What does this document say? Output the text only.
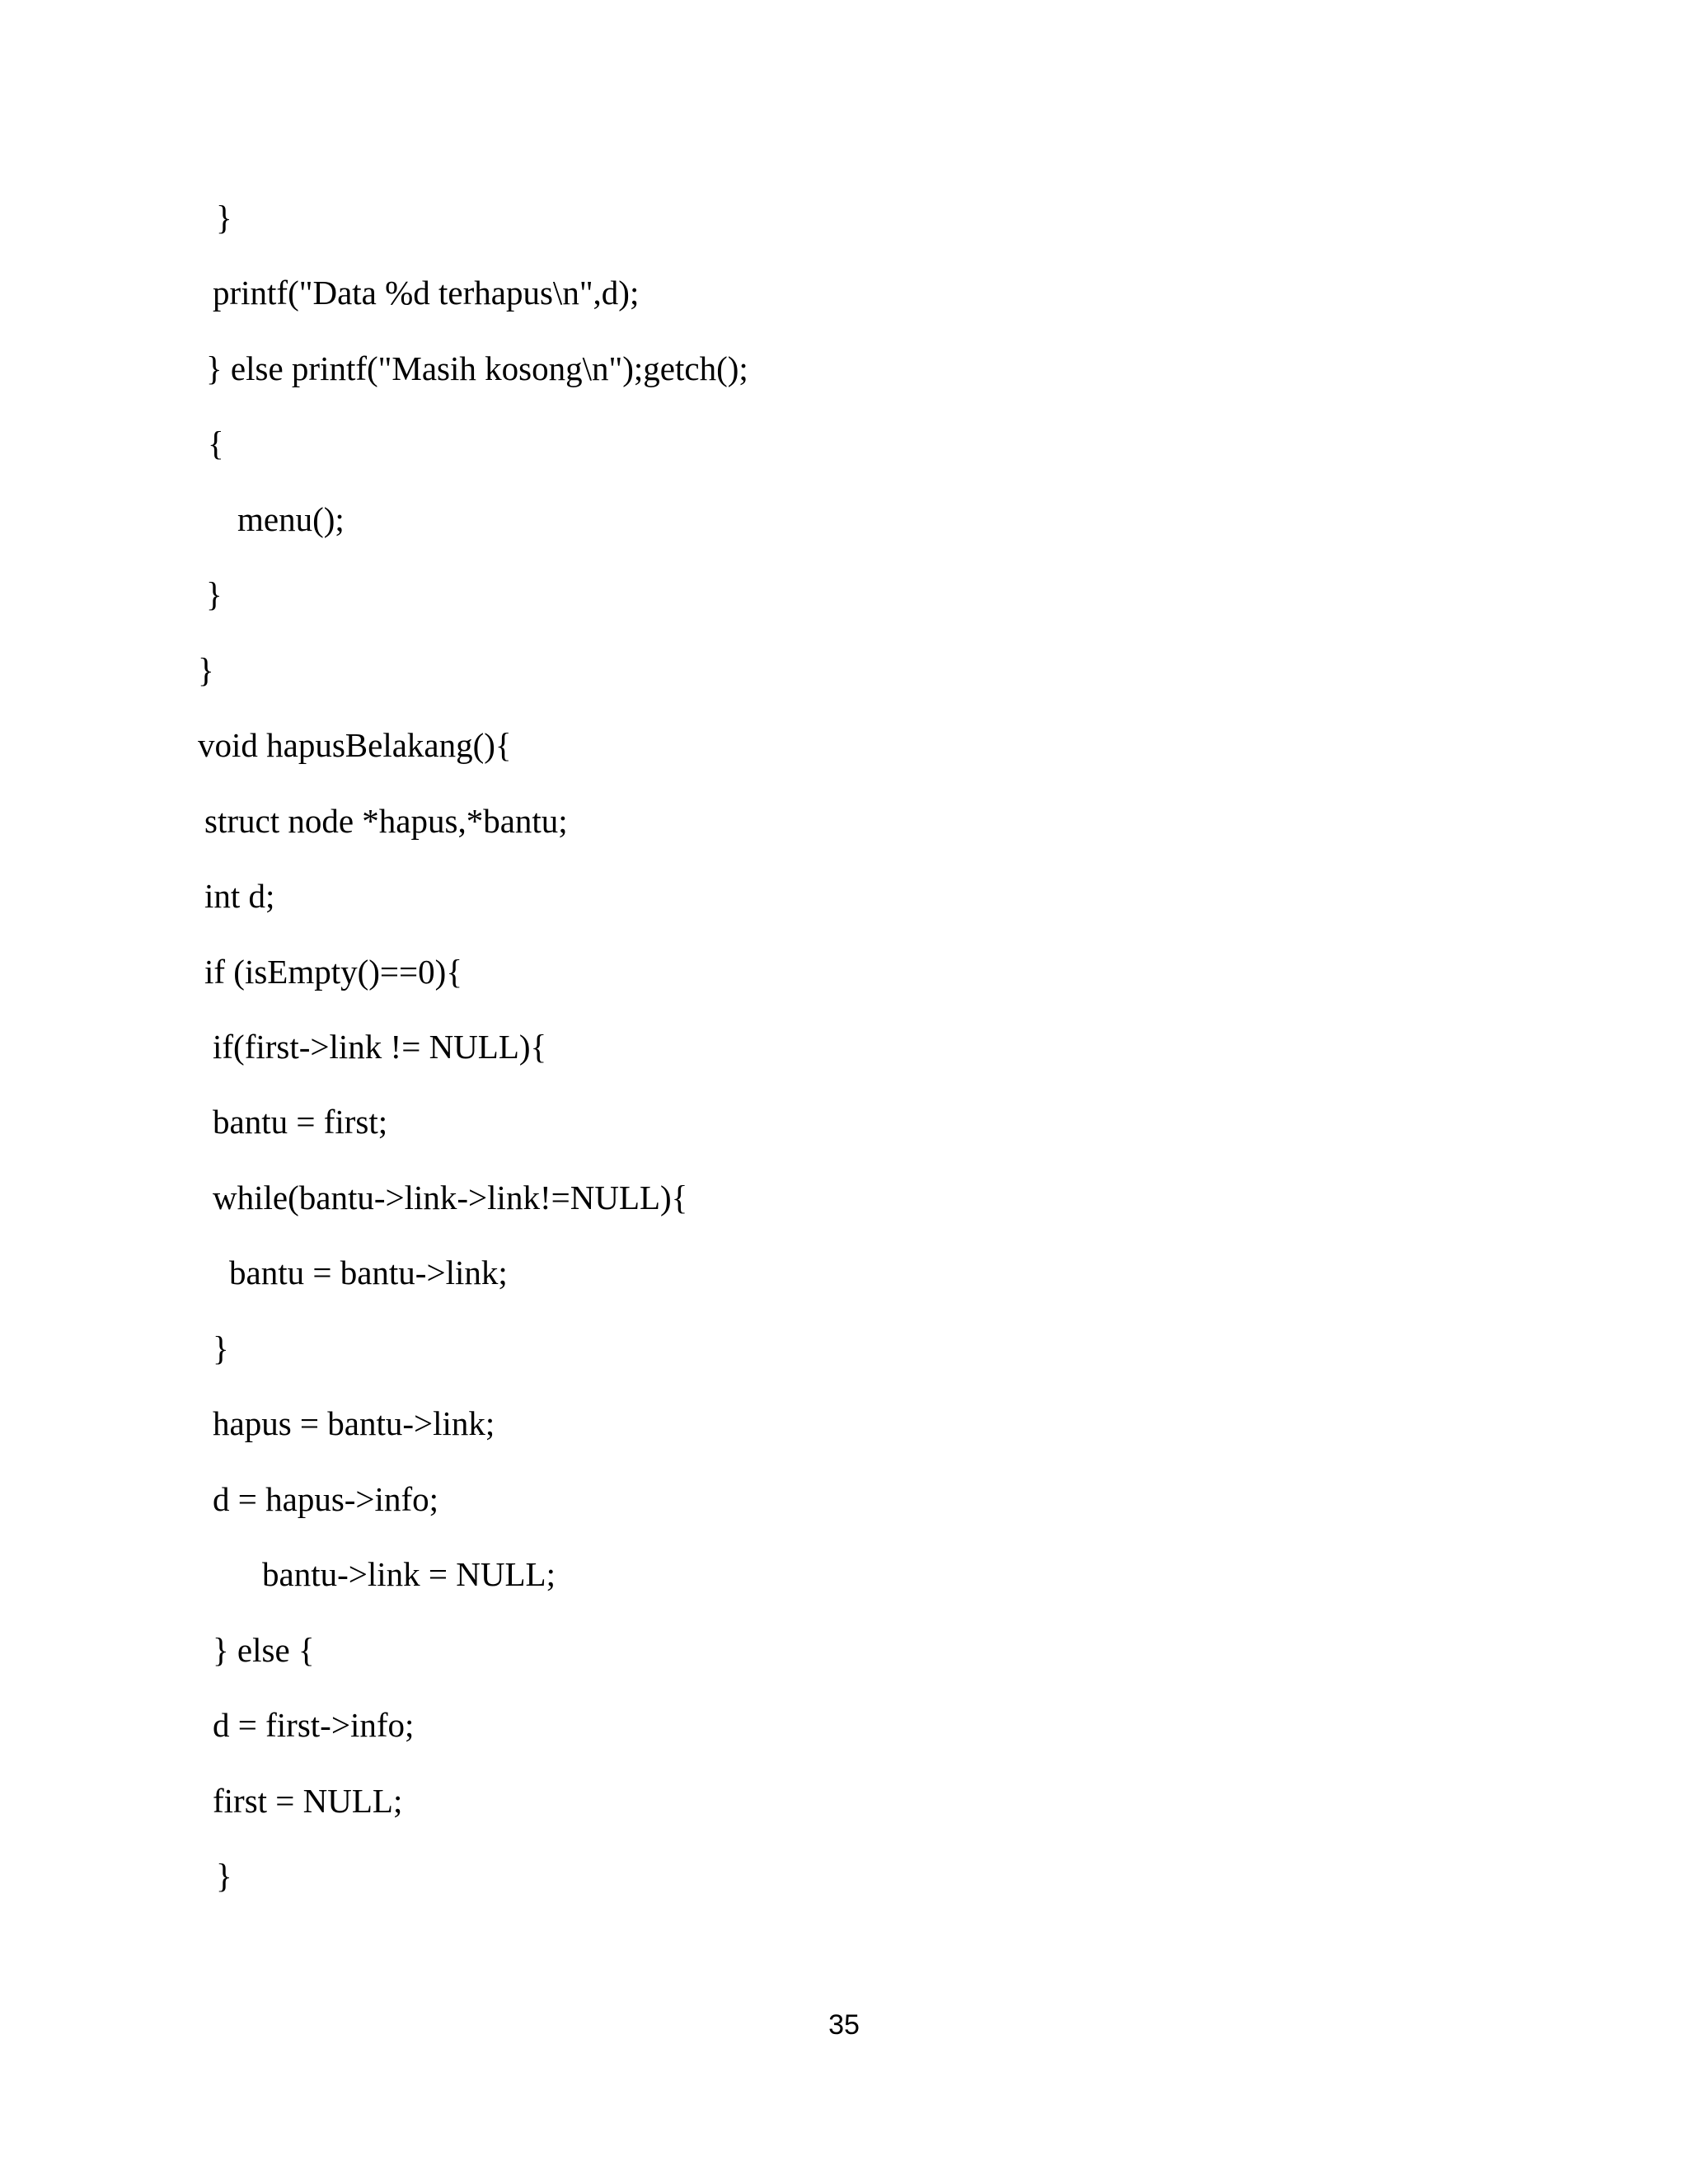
}
printf("Data %d terhapus\n",d);
} else printf("Masih kosong\n");getch();
{
menu();
}
}
void hapusBelakang(){
struct node *hapus,*bantu;
int d;
if (isEmpty()==0){
if(first->link != NULL){
bantu = first;
while(bantu->link->link!=NULL){
bantu = bantu->link;
}
hapus = bantu->link;
d = hapus->info;
bantu->link = NULL;
} else {
d = first->info;
first = NULL;
}
35
